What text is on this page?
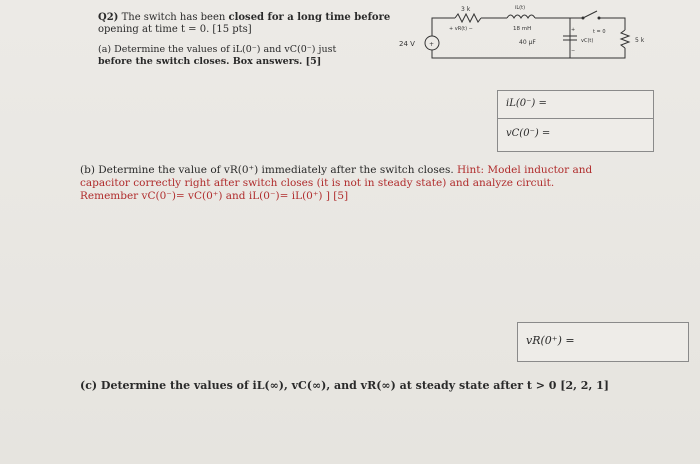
Q2) The switch has been closed for a long time before
opening at time t = 0. [15 pts]
(a) Determine the values of iL(0⁻) and vC(0⁻) just
before the switch closes. Box answers. [5]
24 V +
3 k
+ vR(t) −
iL(t)
18 mH
40 µF	vC(t)
+
−
t = 0
5 k
iL(0⁻) =
vC(0⁻) =
(b) Determine the value of vR(0⁺) immediately after the switch closes. Hint: Model inductor and
capacitor correctly right after switch closes (it is not in steady state) and analyze circuit.
Remember vC(0⁻)= vC(0⁺) and iL(0⁻)= iL(0⁺) ] [5]
vR(0⁺) =
(c) Determine the values of iL(∞), vC(∞), and vR(∞) at steady state after t > 0 [2, 2, 1]
